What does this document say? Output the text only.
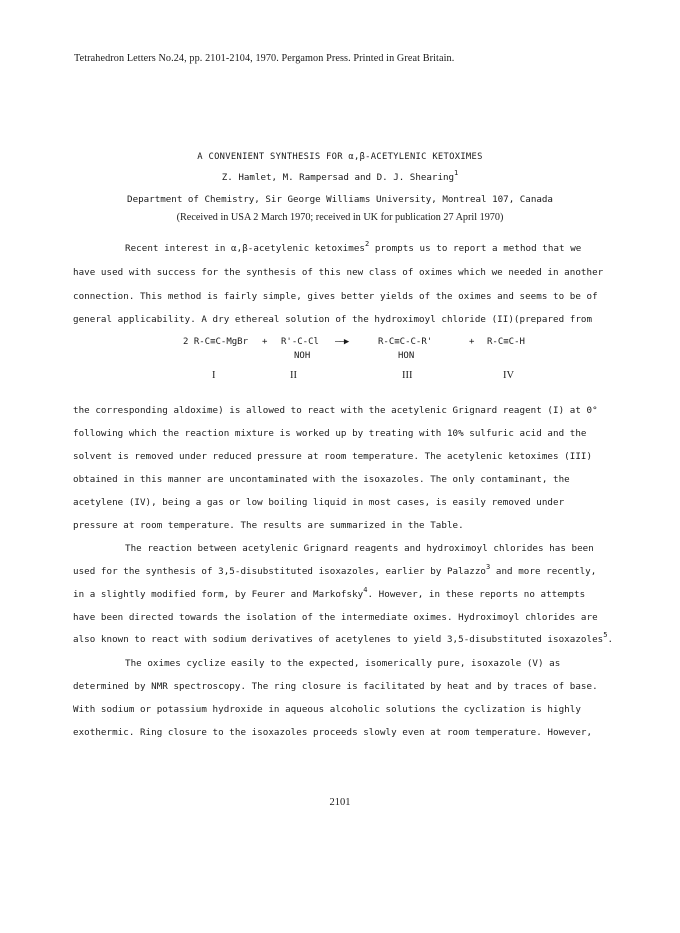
Tetrahedron Letters No.24, pp. 2101-2104, 1970. Pergamon Press. Printed in Great Britain.
A CONVENIENT SYNTHESIS FOR α,β-ACETYLENIC KETOXIMES
Z. Hamlet, M. Rampersad and D. J. Shearing$^1$
Department of Chemistry, Sir George Williams University, Montreal 107, Canada
(Received in USA 2 March 1970; received in UK for publication 27 April 1970)
Recent interest in α,β-acetylenic ketoximes$^2$ prompts us to report a method that we
have used with success for the synthesis of this new class of oximes which we needed in another
connection. This method is fairly simple, gives better yields of the oximes and seems to be of
general applicability. A dry ethereal solution of the hydroximoyl chloride (II)(prepared from
2 R-C≡C-MgBr + R'-C-Cl
NOH
——▶	R-C≡C-C-R'
HON
+ R-C≡C-H
I	II	III	IV
the corresponding aldoxime) is allowed to react with the acetylenic Grignard reagent (I) at 0°
following which the reaction mixture is worked up by treating with 10% sulfuric acid and the
solvent is removed under reduced pressure at room temperature. The acetylenic ketoximes (III)
obtained in this manner are uncontaminated with the isoxazoles. The only contaminant, the
acetylene (IV), being a gas or low boiling liquid in most cases, is easily removed under
pressure at room temperature. The results are summarized in the Table.
The reaction between acetylenic Grignard reagents and hydroximoyl chlorides has been
used for the synthesis of 3,5-disubstituted isoxazoles, earlier by Palazzo$^3$ and more recently,
in a slightly modified form, by Feurer and Markofsky$^4$. However, in these reports no attempts
have been directed towards the isolation of the intermediate oximes. Hydroximoyl chlorides are
also known to react with sodium derivatives of acetylenes to yield 3,5-disubstituted isoxazoles$^5$.
The oximes cyclize easily to the expected, isomerically pure, isoxazole (V) as
determined by NMR spectroscopy. The ring closure is facilitated by heat and by traces of base.
With sodium or potassium hydroxide in aqueous alcoholic solutions the cyclization is highly
exothermic. Ring closure to the isoxazoles proceeds slowly even at room temperature. However,
2101
